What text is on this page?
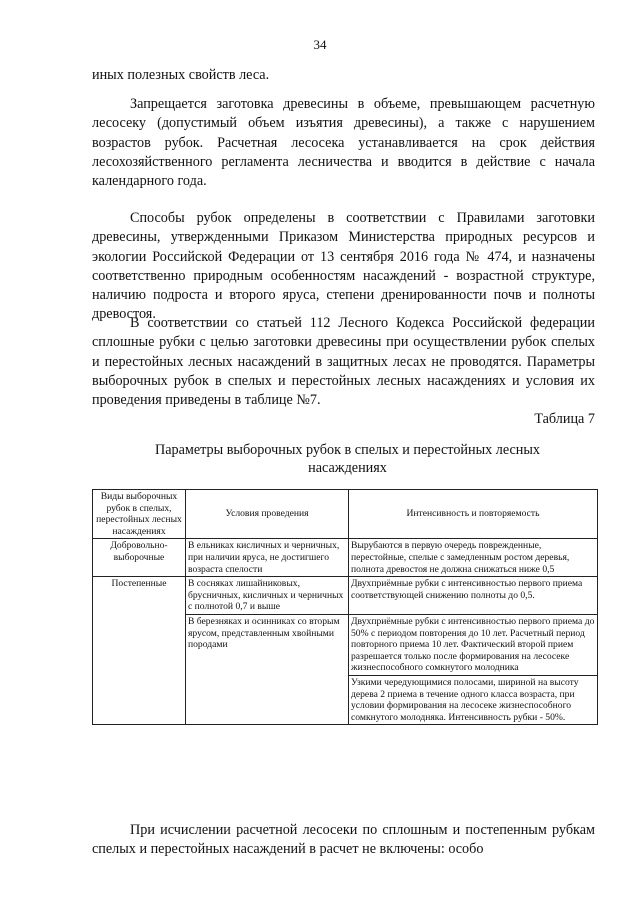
34

иных полезных свойств леса.

Запрещается заготовка древесины в объеме, превышающем расчетную лесосеку (допустимый объем изъятия древесины), а также с нарушением возрастов рубок. Расчетная лесосека устанавливается на срок действия лесохозяйственного регламента лесничества и вводится в действие с начала календарного года.

Способы рубок определены в соответствии с Правилами заготовки древесины, утвержденными Приказом Министерства природных ресурсов и экологии Российской Федерации от 13 сентября 2016 года № 474, и назначены соответственно природным особенностям насаждений - возрастной структуре, наличию подроста и второго яруса, степени дренированности почв и полноты древостоя.

В соответствии со статьей 112 Лесного Кодекса Российской федерации сплошные рубки с целью заготовки древесины при осуществлении рубок спелых и перестойных лесных насаждений в защитных лесах не проводятся. Параметры выборочных рубок в спелых и перестойных лесных насаждениях и условия их проведения приведены в таблице №7.

Таблица 7
Параметры выборочных рубок в спелых и перестойных лесных насаждениях
Виды выборочных рубок в спелых, перестойных лесных насаждениях	Условия проведения	Интенсивность и повторяемость
Добровольно-выборочные	В ельниках кисличных и черничных, при наличии яруса, не достигшего возраста спелости	Вырубаются в первую очередь поврежденные, перестойные, спелые с замедленным ростом деревья, полнота древостоя не должна снижаться ниже 0,5
Постепенные	В сосняках лишайниковых, брусничных, кисличных и черничных с полнотой 0,7 и выше	Двухприёмные рубки с интенсивностью первого приема соответствующей снижению полноты до 0,5.
	В березняках и осинниках со вторым ярусом, представленным хвойными породами	Двухприёмные рубки с интенсивностью первого приема до 50% с периодом повторения до 10 лет. Расчетный период повторного приема 10 лет. Фактический второй прием разрешается только после формирования на лесосеке жизнеспособного сомкнутого молодника
		Узкими чередующимися полосами, шириной на высоту дерева 2 приема в течение одного класса возраста, при условии формирования на лесосеке жизнеспособного сомкнутого молодняка. Интенсивность рубки - 50%.

При исчислении расчетной лесосеки по сплошным и постепенным рубкам спелых и перестойных насаждений в расчет не включены: особо
